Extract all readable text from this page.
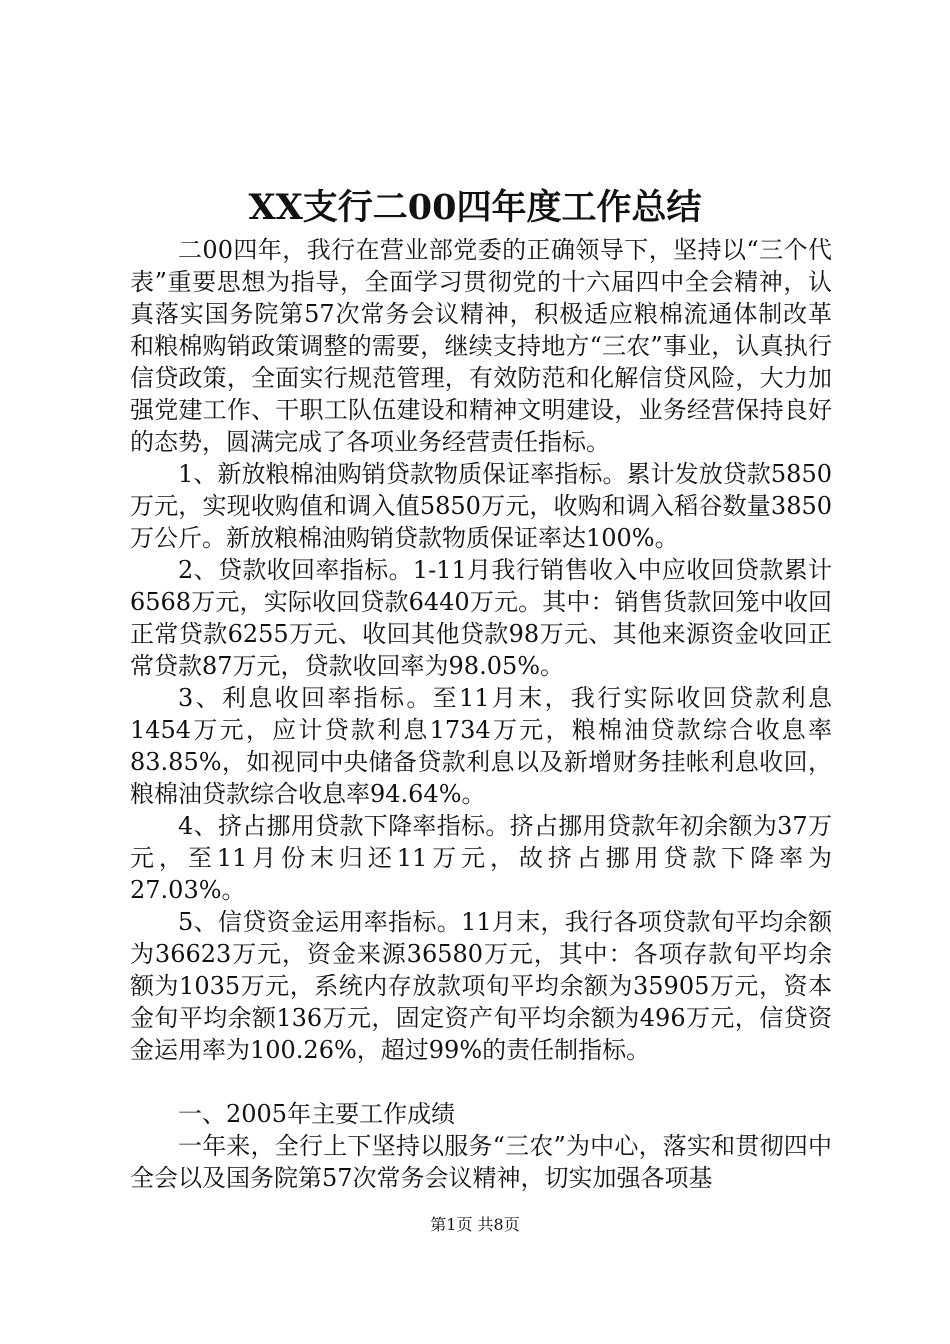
XX支行二00四年度工作总结

二00四年，我行在营业部党委的正确领导下，坚持以“三个代表”重要思想为指导，全面学习贯彻党的十六届四中全会精神，认真落实国务院第57次常务会议精神，积极适应粮棉流通体制改革和粮棉购销政策调整的需要，继续支持地方“三农”事业，认真执行信贷政策，全面实行规范管理，有效防范和化解信贷风险，大力加强党建工作、干职工队伍建设和精神文明建设，业务经营保持良好的态势，圆满完成了各项业务经营责任指标。

1、新放粮棉油购销贷款物质保证率指标。累计发放贷款5850万元，实现收购值和调入值5850万元，收购和调入稻谷数量3850万公斤。新放粮棉油购销贷款物质保证率达100%。

2、贷款收回率指标。1-11月我行销售收入中应收回贷款累计6568万元，实际收回贷款6440万元。其中：销售货款回笼中收回正常贷款6255万元、收回其他贷款98万元、其他来源资金收回正常贷款87万元，贷款收回率为98.05%。

3、利息收回率指标。至11月末，我行实际收回贷款利息1454万元，应计贷款利息1734万元，粮棉油贷款综合收息率83.85%，如视同中央储备贷款利息以及新增财务挂帐利息收回，粮棉油贷款综合收息率94.64%。

4、挤占挪用贷款下降率指标。挤占挪用贷款年初余额为37万元，至11月份末归还11万元，故挤占挪用贷款下降率为27.03%。

5、信贷资金运用率指标。11月末，我行各项贷款旬平均余额为36623万元，资金来源36580万元，其中：各项存款旬平均余额为1035万元，系统内存放款项旬平均余额为35905万元，资本金旬平均余额136万元，固定资产旬平均余额为496万元，信贷资金运用率为100.26%，超过99%的责任制指标。

一、2005年主要工作成绩

一年来，全行上下坚持以服务“三农”为中心，落实和贯彻四中全会以及国务院第57次常务会议精神，切实加强各项基

第1页 共8页
